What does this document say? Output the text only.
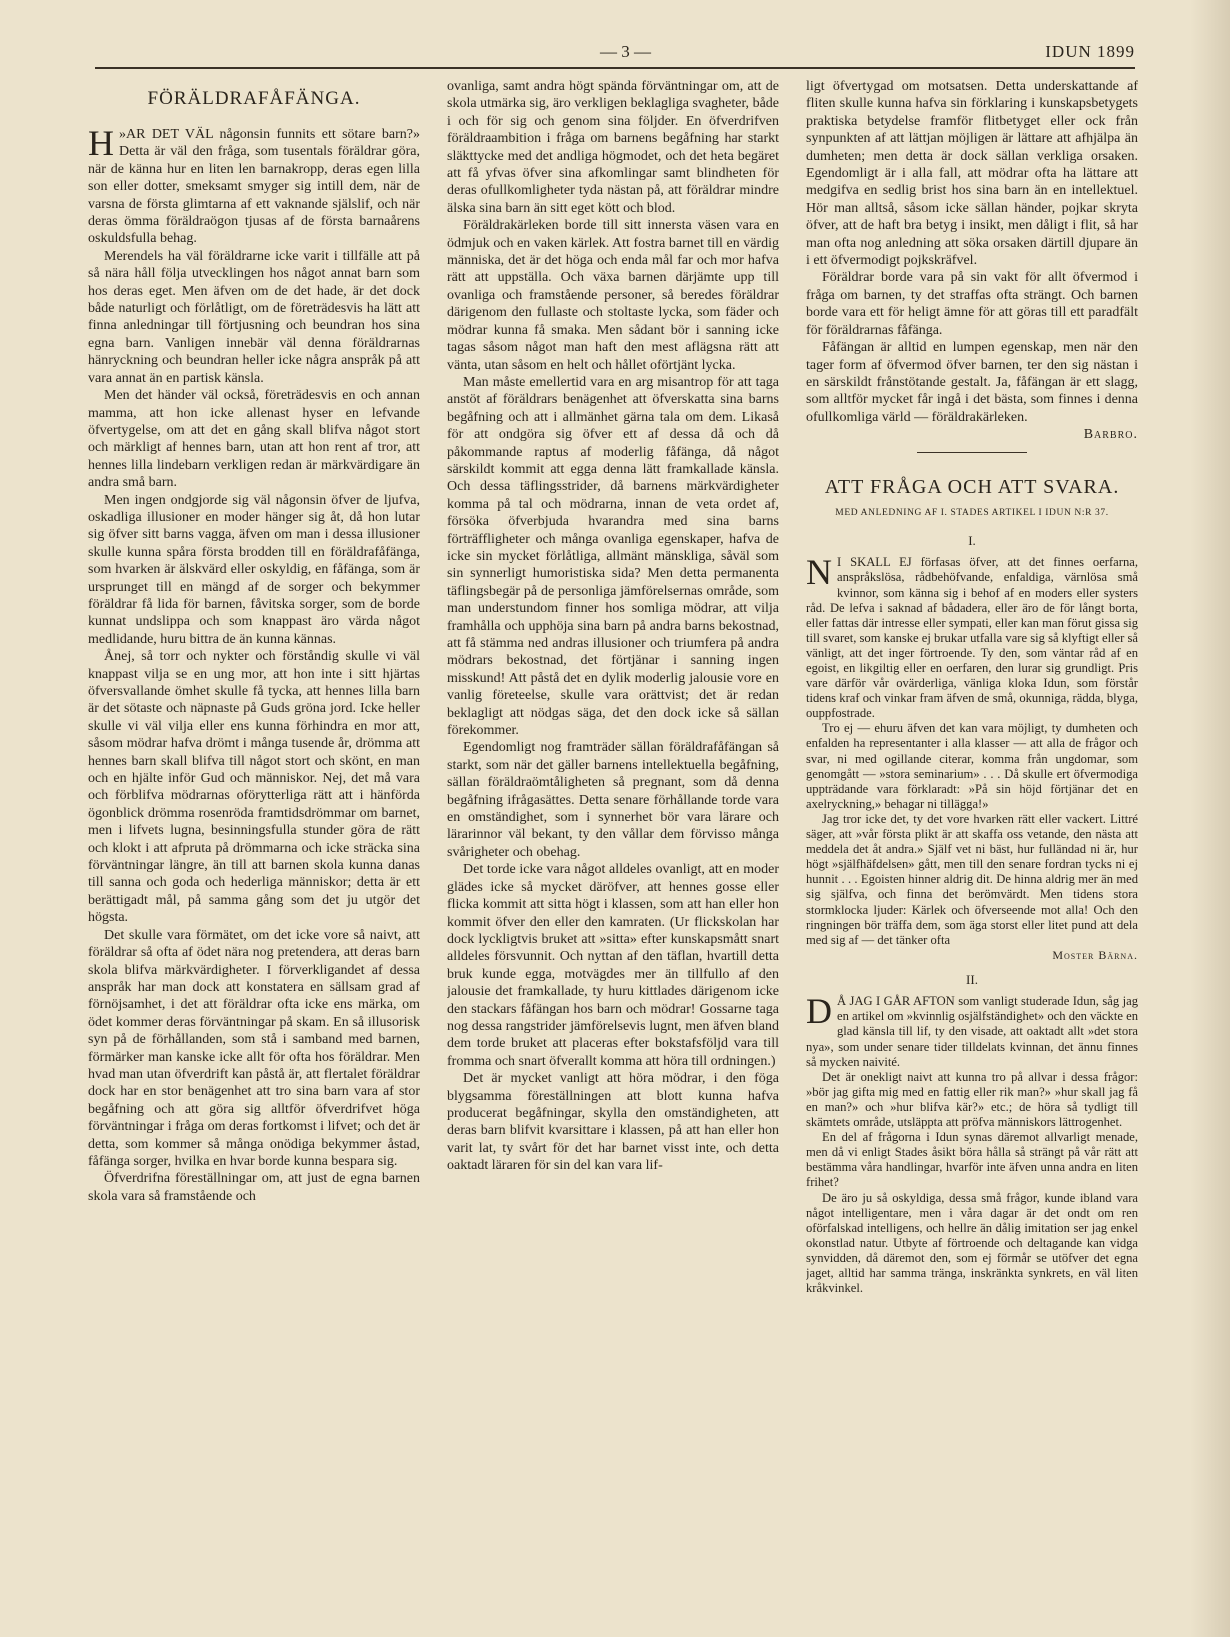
— 3 —	IDUN 1899
FÖRÄLDRAFÅFÄNGA.

»
H AR DET VÄL någonsin funnits ett sötare barn?» Detta är väl den fråga, som tusentals föräldrar göra, när de känna hur en liten len barnakropp, deras egen lilla son eller dotter, smeksamt smyger sig intill dem, när de varsna de första glimtarna af ett vaknande själslif, och när deras ömma föräldraögon tjusas af de första barnaårens oskuldsfulla behag.

Merendels ha väl föräldrarne icke varit i tillfälle att på så nära håll följa utvecklingen hos något annat barn som hos deras eget. Men äfven om de det hade, är det dock både naturligt och förlåtligt, om de företrädesvis ha lätt att finna anledningar till förtjusning och beundran hos sina egna barn. Vanligen innebär väl denna föräldrarnas hänryckning och beundran heller icke några anspråk på att vara annat än en partisk känsla.

Men det händer väl också, företrädesvis en och annan mamma, att hon icke allenast hyser en lefvande öfvertygelse, om att det en gång skall blifva något stort och märkligt af hennes barn, utan att hon rent af tror, att hennes lilla lindebarn verkligen redan är märkvärdigare än andra små barn.

Men ingen ondgjorde sig väl någonsin öfver de ljufva, oskadliga illusioner en moder hänger sig åt, då hon lutar sig öfver sitt barns vagga, äfven om man i dessa illusioner skulle kunna spåra första brodden till en föräldrafåfänga, som hvarken är älskvärd eller oskyldig, en fåfänga, som är ursprunget till en mängd af de sorger och bekymmer föräldrar få lida för barnen, fåvitska sorger, som de borde kunnat undslippa och som knappast äro värda något medlidande, huru bittra de än kunna kännas.

Ånej, så torr och nykter och förståndig skulle vi väl knappast vilja se en ung mor, att hon inte i sitt hjärtas öfversvallande ömhet skulle få tycka, att hennes lilla barn är det sötaste och näpnaste på Guds gröna jord. Icke heller skulle vi väl vilja eller ens kunna förhindra en mor att, såsom mödrar hafva drömt i många tusende år, drömma att hennes barn skall blifva till något stort och skönt, en man och en hjälte inför Gud och människor. Nej, det må vara och förblifva mödrarnas oförytterliga rätt att i hänförda ögonblick drömma rosenröda framtidsdrömmar om barnet, men i lifvets lugna, besinningsfulla stunder göra de rätt och klokt i att afpruta på drömmarna och icke sträcka sina förväntningar längre, än till att barnen skola kunna danas till sanna och goda och hederliga människor; detta är ett berättigadt mål, på samma gång som det ju utgör det högsta.

Det skulle vara förmätet, om det icke vore så naivt, att föräldrar så ofta af ödet nära nog pretendera, att deras barn skola blifva märkvärdigheter. I förverkligandet af dessa anspråk har man dock att konstatera en sällsam grad af förnöjsamhet, i det att föräldrar ofta icke ens märka, om ödet kommer deras förväntningar på skam. En så illusorisk syn på de förhållanden, som stå i samband med barnen, förmärker man kanske icke allt för ofta hos föräldrar. Men hvad man utan öfverdrift kan påstå är, att flertalet föräldrar dock har en stor benägenhet att tro sina barn vara af stor begåfning och att göra sig alltför öfverdrifvet höga förväntningar i fråga om deras fortkomst i lifvet; och det är detta, som kommer så många onödiga bekymmer åstad, fåfänga sorger, hvilka en hvar borde kunna bespara sig.

Öfverdrifna föreställningar om, att just de egna barnen skola vara så framstående och

ovanliga, samt andra högt spända förväntningar om, att de skola utmärka sig, äro verkligen beklagliga svagheter, både i och för sig och genom sina följder. En öfverdrifven föräldraambition i fråga om barnens begåfning har starkt släkttycke med det andliga högmodet, och det heta begäret att få yfvas öfver sina afkomlingar samt blindheten för deras ofullkomligheter tyda nästan på, att föräldrar mindre älska sina barn än sitt eget kött och blod.

Föräldrakärleken borde till sitt innersta väsen vara en ödmjuk och en vaken kärlek. Att fostra barnet till en värdig människa, det är det höga och enda mål far och mor hafva rätt att uppställa. Och växa barnen därjämte upp till ovanliga och framstående personer, så beredes föräldrar därigenom den fullaste och stoltaste lycka, som fäder och mödrar kunna få smaka. Men sådant bör i sanning icke tagas såsom något man haft den mest aflägsna rätt att vänta, utan såsom en helt och hållet oförtjänt lycka.

Man måste emellertid vara en arg misantrop för att taga anstöt af föräldrars benägenhet att öfverskatta sina barns begåfning och att i allmänhet gärna tala om dem. Likaså för att ondgöra sig öfver ett af dessa då och då påkommande raptus af moderlig fåfänga, då något särskildt kommit att egga denna lätt framkallade känsla. Och dessa täflingsstrider, då barnens märkvärdigheter komma på tal och mödrarna, innan de veta ordet af, försöka öfverbjuda hvarandra med sina barns förträffligheter och många ovanliga egenskaper, hafva de icke sin mycket förlåtliga, allmänt mänskliga, såväl som sin synnerligt humoristiska sida? Men detta permanenta täflingsbegär på de personliga jämförelsernas område, som man understundom finner hos somliga mödrar, att vilja framhålla och upphöja sina barn på andra barns bekostnad, att få stämma ned andras illusioner och triumfera på andra mödrars bekostnad, det förtjänar i sanning ingen misskund! Att påstå det en dylik moderlig jalousie vore en vanlig företeelse, skulle vara orättvist; det är redan beklagligt att nödgas säga, det den dock icke så sällan förekommer.

Egendomligt nog framträder sällan föräldrafåfängan så starkt, som när det gäller barnens intellektuella begåfning, sällan föräldraömtåligheten så pregnant, som då denna begåfning ifrågasättes. Detta senare förhållande torde vara en omständighet, som i synnerhet bör vara lärare och lärarinnor väl bekant, ty den vållar dem förvisso många svårigheter och obehag.

Det torde icke vara något alldeles ovanligt, att en moder glädes icke så mycket däröfver, att hennes gosse eller flicka kommit att sitta högt i klassen, som att han eller hon kommit öfver den eller den kamraten. (Ur flickskolan har dock lyckligtvis bruket att »sitta» efter kunskapsmått snart alldeles försvunnit. Och nyttan af den täflan, hvartill detta bruk kunde egga, motvägdes mer än tillfullo af den jalousie det framkallade, ty huru kittlades därigenom icke den stackars fåfängan hos barn och mödrar! Gossarne taga nog dessa rangstrider jämförelsevis lugnt, men äfven bland dem torde bruket att placeras efter bokstafsföljd vara till fromma och snart öfverallt komma att höra till ordningen.)

Det är mycket vanligt att höra mödrar, i den föga blygsamma föreställningen att blott kunna hafva producerat begåfningar, skylla den omständigheten, att deras barn blifvit kvarsittare i klassen, på att han eller hon varit lat, ty svårt för det har barnet visst inte, och detta oaktadt läraren för sin del kan vara lif-

ligt öfvertygad om motsatsen. Detta underskattande af fliten skulle kunna hafva sin förklaring i kunskapsbetygets praktiska betydelse framför flitbetyget eller ock från synpunkten af att lättjan möjligen är lättare att afhjälpa än dumheten; men detta är dock sällan verkliga orsaken. Egendomligt är i alla fall, att mödrar ofta ha lättare att medgifva en sedlig brist hos sina barn än en intellektuel. Hör man alltså, såsom icke sällan händer, pojkar skryta öfver, att de haft bra betyg i insikt, men dåligt i flit, så har man ofta nog anledning att söka orsaken därtill djupare än i ett öfvermodigt pojkskräfvel.

Föräldrar borde vara på sin vakt för allt öfvermod i fråga om barnen, ty det straffas ofta strängt. Och barnen borde vara ett för heligt ämne för att göras till ett paradfält för föräldrarnas fåfänga.

Fåfängan är alltid en lumpen egenskap, men när den tager form af öfvermod öfver barnen, ter den sig nästan i en särskildt frånstötande gestalt. Ja, fåfängan är ett slagg, som alltför mycket får ingå i det bästa, som finnes i denna ofullkomliga värld — föräldrakärleken.

Barbro.

ATT FRÅGA OCH ATT SVARA.
MED ANLEDNING AF I. STADES ARTIKEL I IDUN N:R 37.
I.

N I SKALL EJ förfasas öfver, att det finnes oerfarna, anspråkslösa, rådbehöfvande, enfaldiga, värnlösa små kvinnor, som känna sig i behof af en moders eller systers råd. De lefva i saknad af bådadera, eller äro de för långt borta, eller fattas där intresse eller sympati, eller kan man förut gissa sig till svaret, som kanske ej brukar utfalla vare sig så klyftigt eller så vänligt, att det inger förtroende. Ty den, som väntar råd af en egoist, en likgiltig eller en oerfaren, den lurar sig grundligt. Pris vare därför vår ovärderliga, vänliga kloka Idun, som förstår tidens kraf och vinkar fram äfven de små, okunniga, rädda, blyga, ouppfostrade.

Tro ej — ehuru äfven det kan vara möjligt, ty dumheten och enfalden ha representanter i alla klasser — att alla de frågor och svar, ni med ogillande citerar, komma från ungdomar, som genomgått — »stora seminarium» . . . Då skulle ert öfvermodiga uppträdande vara förklaradt: »På sin höjd förtjänar det en axelryckning,» behagar ni tillägga!»

Jag tror icke det, ty det vore hvarken rätt eller vackert. Littré säger, att »vår första plikt är att skaffa oss vetande, den nästa att meddela det åt andra.» Själf vet ni bäst, hur fulländad ni är, hur högt »själfhäfdelsen» gått, men till den senare fordran tycks ni ej hunnit . . . Egoisten hinner aldrig dit. De hinna aldrig mer än med sig själfva, och finna det berömvärdt. Men tidens stora stormklocka ljuder: Kärlek och öfverseende mot alla! Och den ringningen bör träffa dem, som äga storst eller litet pund att dela med sig af — det tänker ofta

Moster Bärna.

II.

D Å JAG I GÅR AFTON som vanligt studerade Idun, såg jag en artikel om »kvinnlig osjälfständighet» och den väckte en glad känsla till lif, ty den visade, att oaktadt allt »det stora nya», som under senare tider tilldelats kvinnan, det ännu finnes så mycken naivité.

Det är onekligt naivt att kunna tro på allvar i dessa frågor: »bör jag gifta mig med en fattig eller rik man?» »hur skall jag få en man?» och »hur blifva kär?» etc.; de höra så tydligt till skämtets område, utsläppta att pröfva människors lättrogenhet.

En del af frågorna i Idun synas däremot allvarligt menade, men då vi enligt Stades åsikt böra hålla så strängt på vår rätt att bestämma våra handlingar, hvarför inte äfven unna andra en liten frihet?

De äro ju så oskyldiga, dessa små frågor, kunde ibland vara något intelligentare, men i våra dagar är det ondt om ren oförfalskad intelligens, och hellre än dålig imitation ser jag enkel okonstlad natur. Utbyte af förtroende och deltagande kan vidga synvidden, då däremot den, som ej förmår se utöfver det egna jaget, alltid har samma tränga, inskränkta synkrets, en väl liten kråkvinkel.
